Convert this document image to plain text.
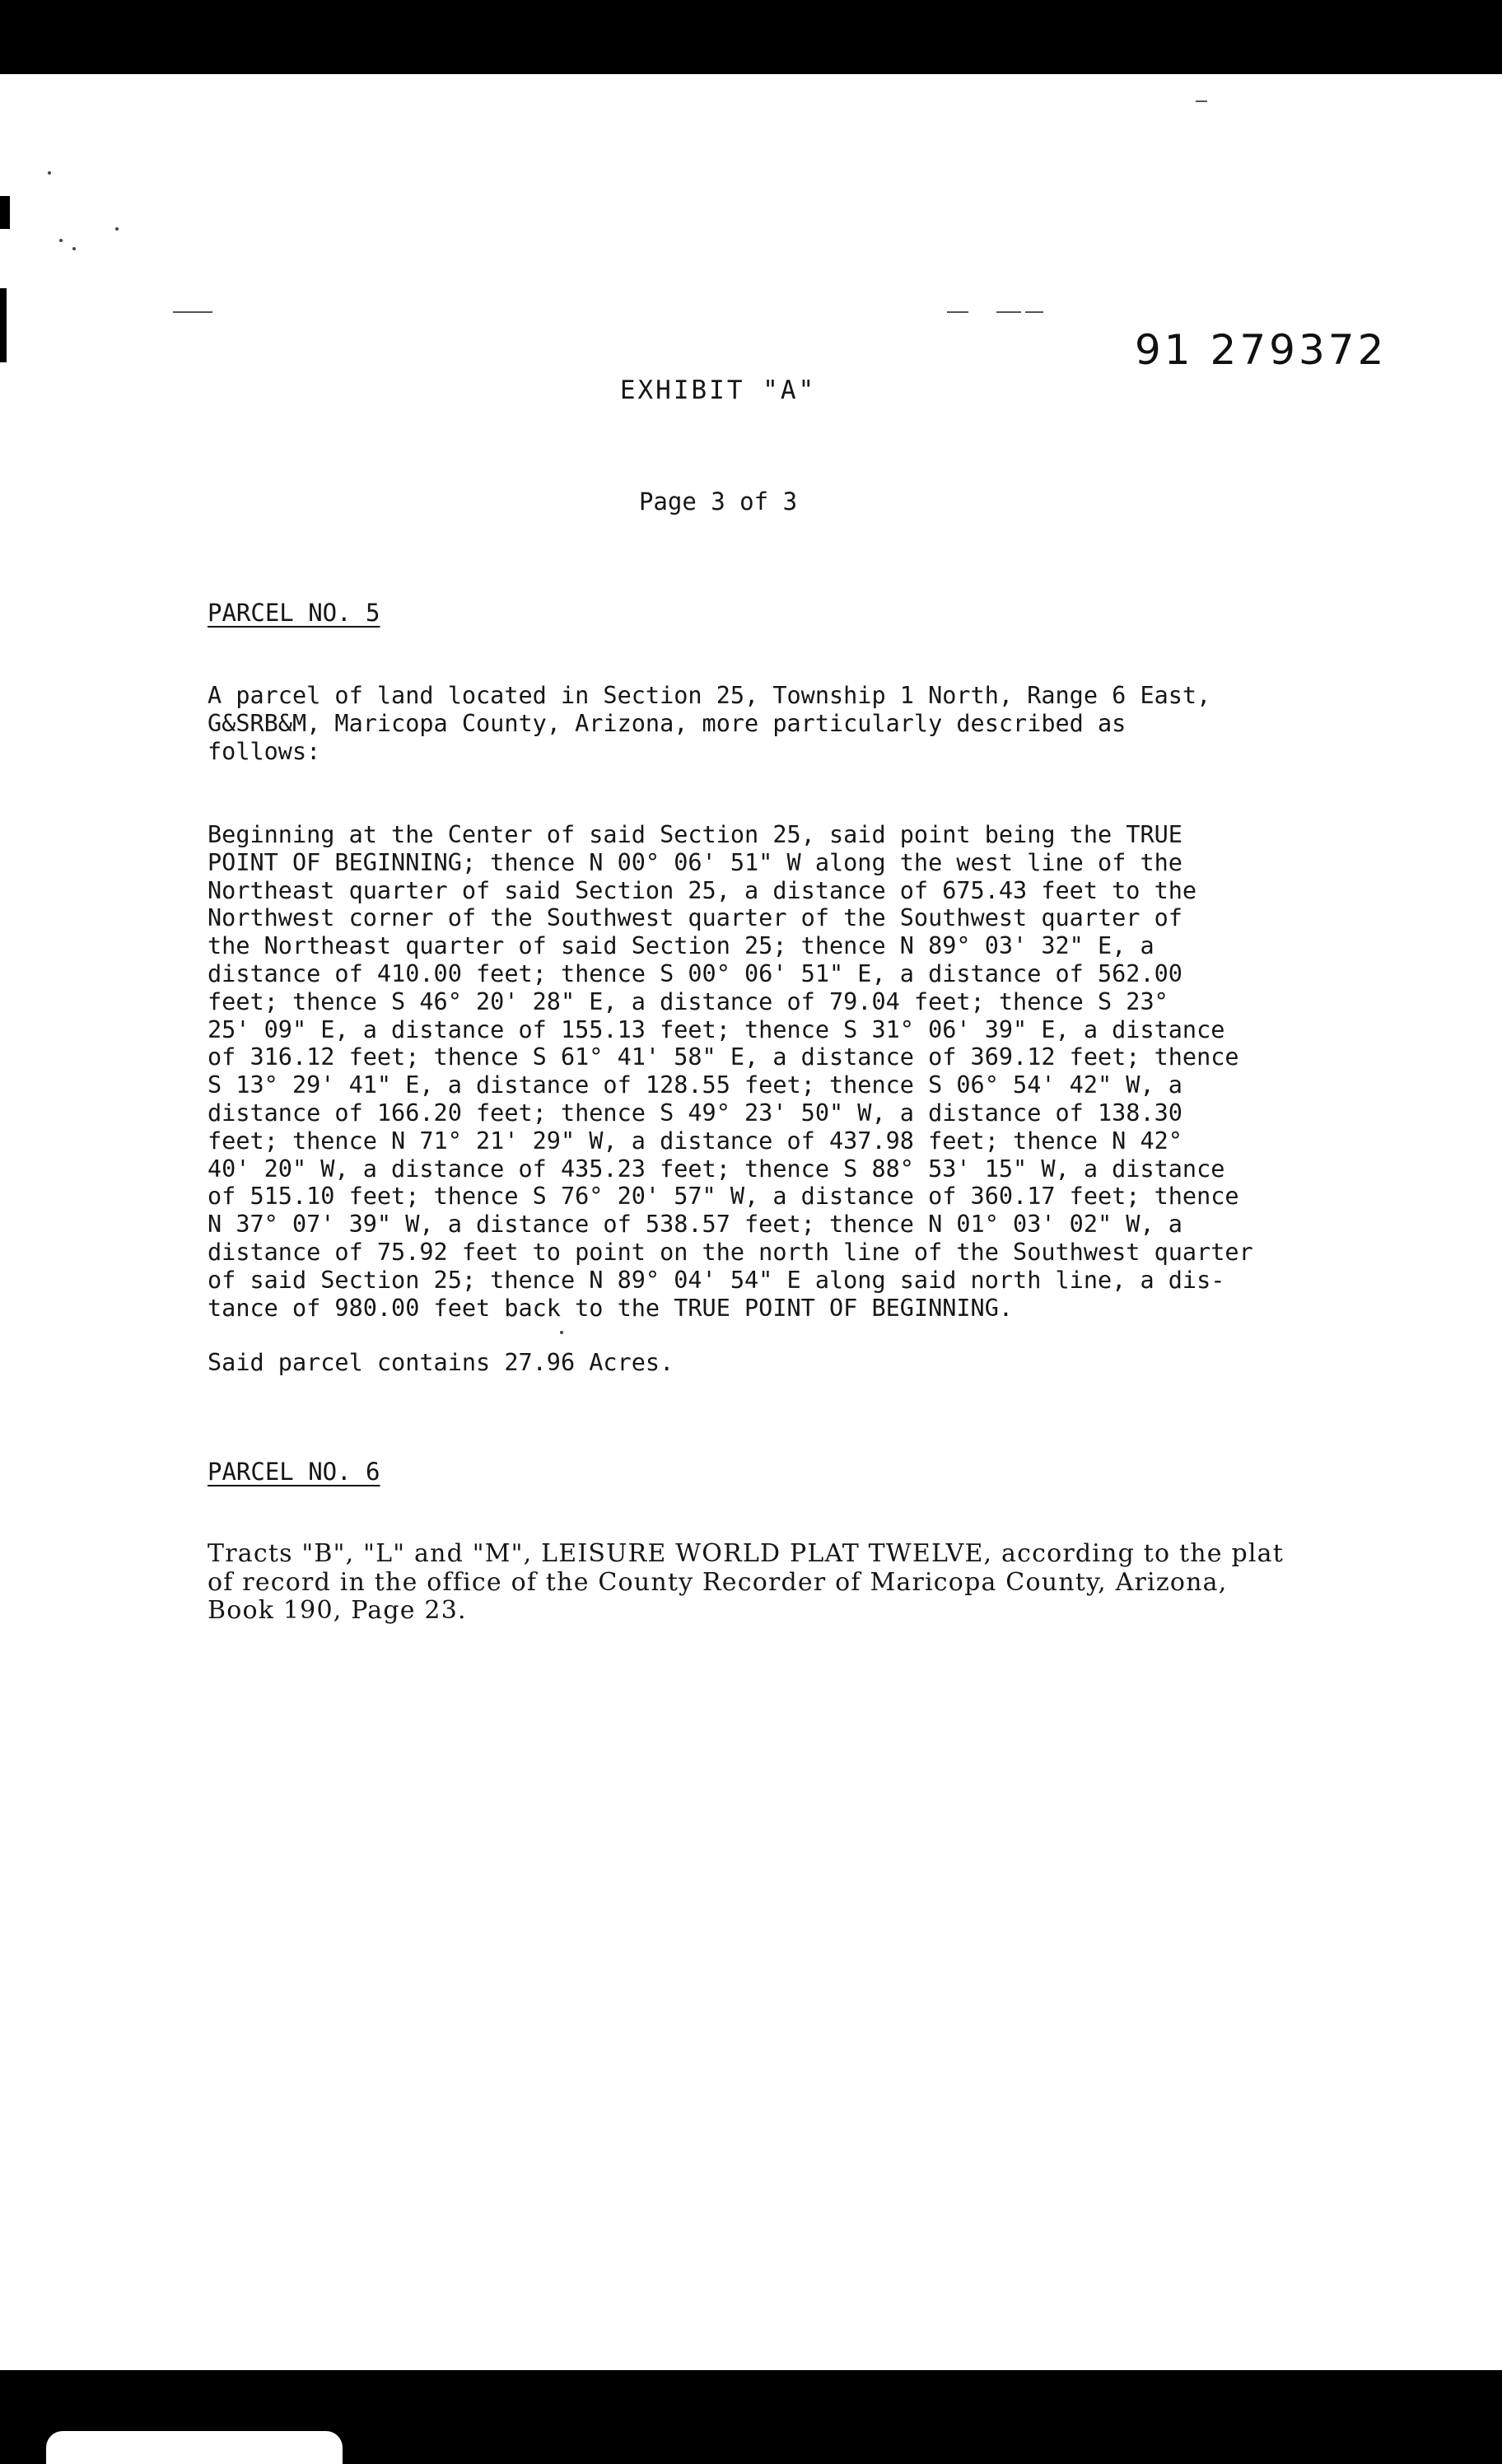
91 279372
EXHIBIT "A"
Page 3 of 3
PARCEL NO. 5

A parcel of land located in Section 25, Township 1 North, Range 6 East,
G&SRB&M, Maricopa County, Arizona, more particularly described as
follows:

Beginning at the Center of said Section 25, said point being the TRUE
POINT OF BEGINNING; thence N 00° 06' 51" W along the west line of the
Northeast quarter of said Section 25, a distance of 675.43 feet to the
Northwest corner of the Southwest quarter of the Southwest quarter of
the Northeast quarter of said Section 25; thence N 89° 03' 32" E, a
distance of 410.00 feet; thence S 00° 06' 51" E, a distance of 562.00
feet; thence S 46° 20' 28" E, a distance of 79.04 feet; thence S 23°
25' 09" E, a distance of 155.13 feet; thence S 31° 06' 39" E, a distance
of 316.12 feet; thence S 61° 41' 58" E, a distance of 369.12 feet; thence
S 13° 29' 41" E, a distance of 128.55 feet; thence S 06° 54' 42" W, a
distance of 166.20 feet; thence S 49° 23' 50" W, a distance of 138.30
feet; thence N 71° 21' 29" W, a distance of 437.98 feet; thence N 42°
40' 20" W, a distance of 435.23 feet; thence S 88° 53' 15" W, a distance
of 515.10 feet; thence S 76° 20' 57" W, a distance of 360.17 feet; thence
N 37° 07' 39" W, a distance of 538.57 feet; thence N 01° 03' 02" W, a
distance of 75.92 feet to point on the north line of the Southwest quarter
of said Section 25; thence N 89° 04' 54" E along said north line, a dis-
tance of 980.00 feet back to the TRUE POINT OF BEGINNING.

Said parcel contains 27.96 Acres.

PARCEL NO. 6

Tracts "B", "L" and "M", LEISURE WORLD PLAT TWELVE, according to the plat
of record in the office of the County Recorder of Maricopa County, Arizona,
Book 190, Page 23.
